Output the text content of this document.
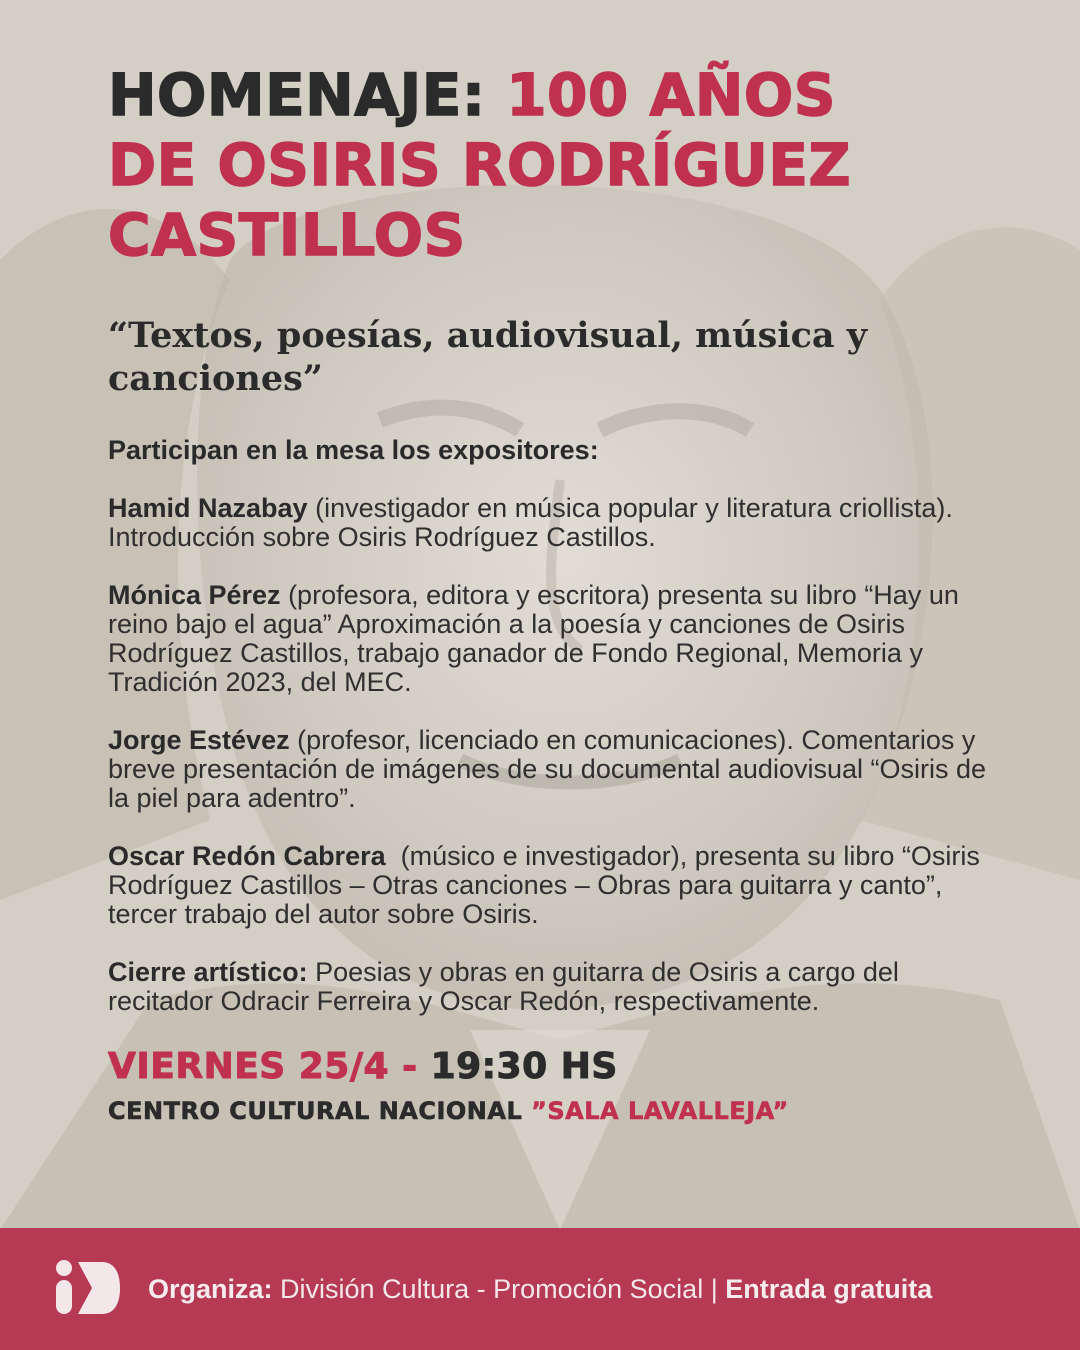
HOMENAJE: 100 AÑOS
DE OSIRIS RODRÍGUEZ
CASTILLOS
“Textos, poesías, audiovisual, música y canciones”

Participan en la mesa los expositores:

Hamid Nazabay (investigador en música popular y literatura criollista). Introducción sobre Osiris Rodríguez Castillos.

Mónica Pérez (profesora, editora y escritora) presenta su libro “Hay un reino bajo el agua” Aproximación a la poesía y canciones de Osiris Rodríguez Castillos, trabajo ganador de Fondo Regional, Memoria y Tradición 2023, del MEC.

Jorge Estévez (profesor, licenciado en comunicaciones). Comentarios y breve presentación de imágenes de su documental audiovisual “Osiris de la piel para adentro”.

Oscar Redón Cabrera  (músico e investigador), presenta su libro “Osiris Rodríguez Castillos – Otras canciones – Obras para guitarra y canto”, tercer trabajo del autor sobre Osiris.

Cierre artístico: Poesias y obras en guitarra de Osiris a cargo del recitador Odracir Ferreira y Oscar Redón, respectivamente.

VIERNES 25/4 - 19:30 HS
CENTRO CULTURAL NACIONAL ”SALA LAVALLEJA”
Organiza: División Cultura - Promoción Social | Entrada gratuita
